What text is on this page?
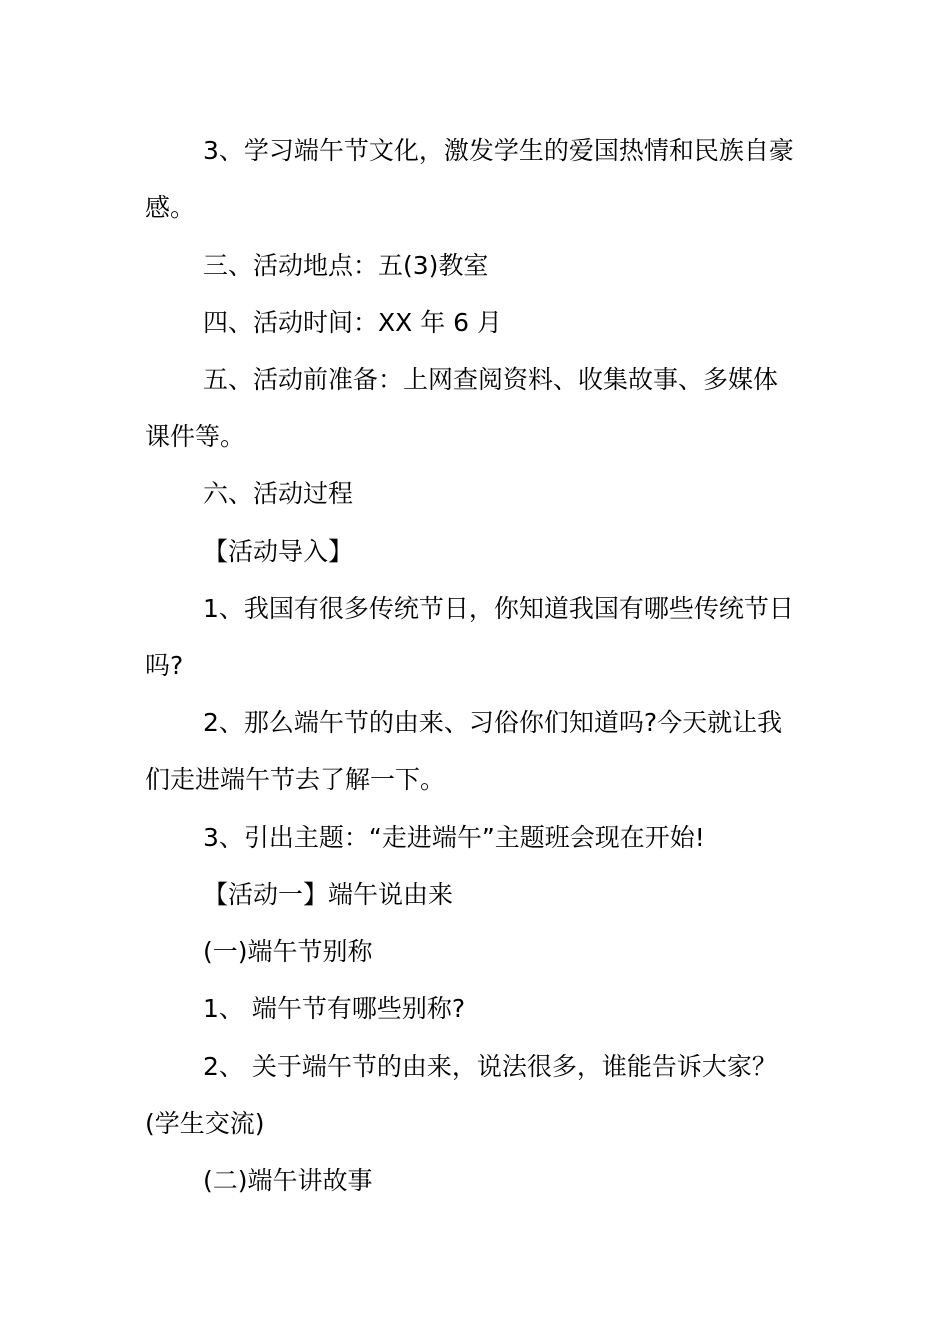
3、学习端午节文化，激发学生的爱国热情和民族自豪
感。
三、活动地点：五(3)教室
四、活动时间：XX 年 6 月
五、活动前准备：上网查阅资料、收集故事、多媒体
课件等。
六、活动过程
【活动导入】
1、我国有很多传统节日，你知道我国有哪些传统节日
吗?
2、那么端午节的由来、习俗你们知道吗?今天就让我
们走进端午节去了解一下。
3、引出主题：“走进端午”主题班会现在开始!
【活动一】端午说由来
(一)端午节别称
1、 端午节有哪些别称?
2、 关于端午节的由来，说法很多，谁能告诉大家？
(学生交流)
(二)端午讲故事
